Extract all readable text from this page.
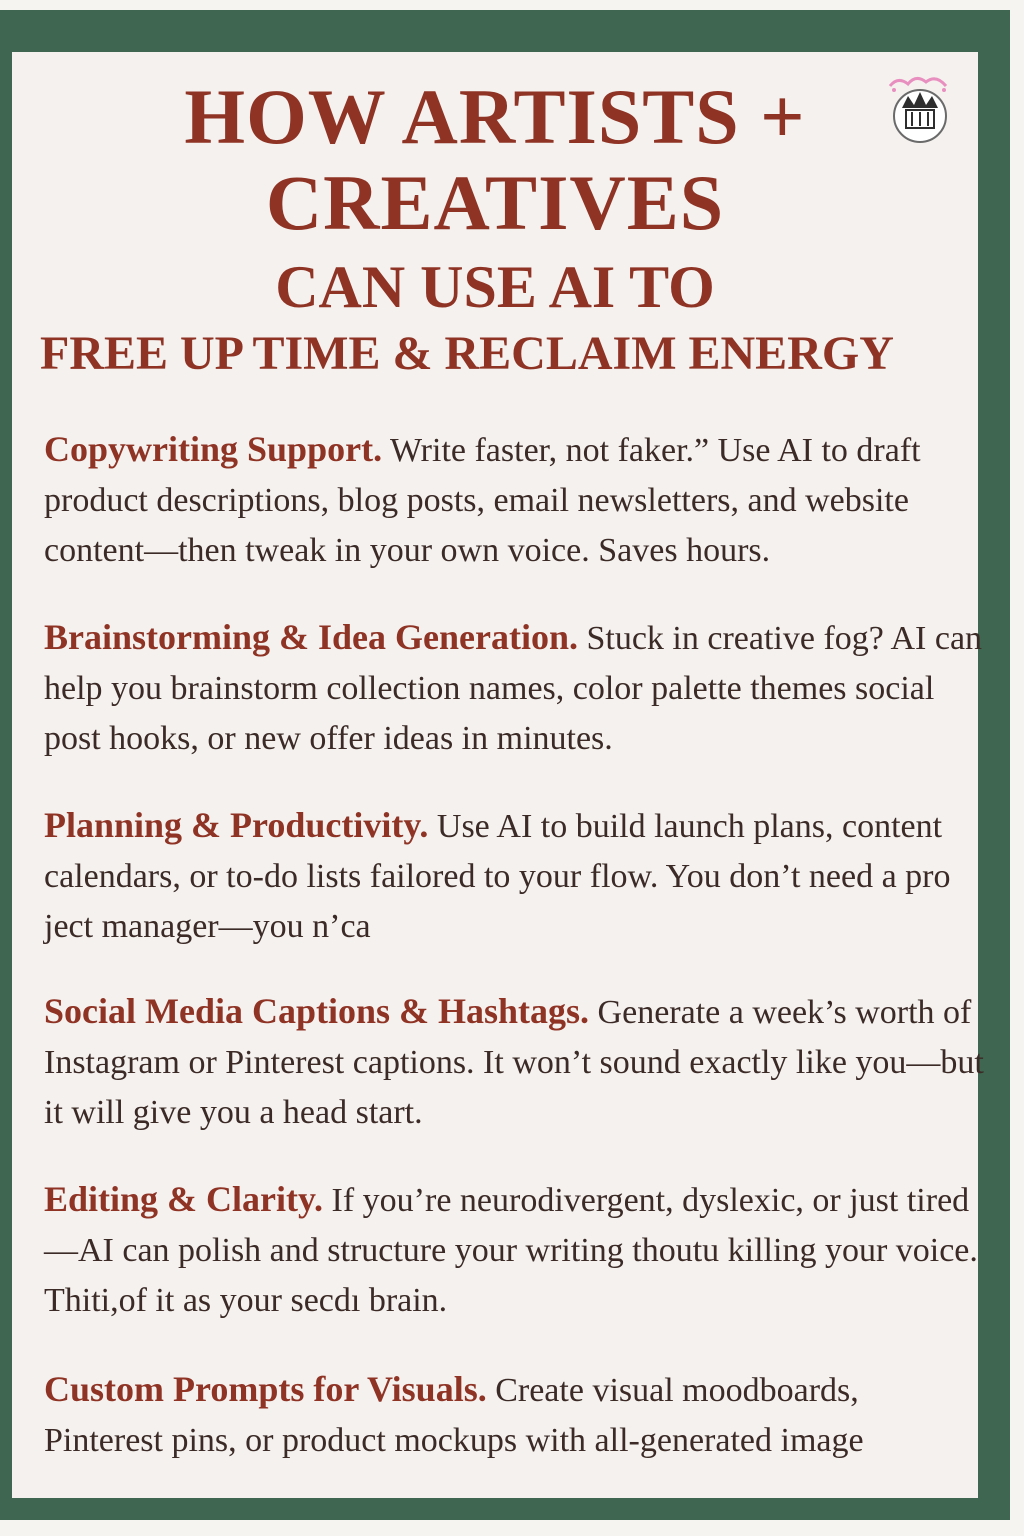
HOW ARTISTS +
CREATIVES
CAN USE AI TO
FREE UP TIME & RECLAIM ENERGY
Copywriting Support. Write faster, not faker.” Use AI to draft product descriptions, blog posts, email newsletters, and website content—then tweak in your own voice. Saves hours.
Brainstorming & Idea Generation. Stuck in creative fog? AI can help you brainstorm collection names, color palette themes social post hooks, or new offer ideas in minutes.
Planning & Productivity. Use AI to build launch plans, content calendars, or to-do lists failored to your flow. You don’t need a pro ject manager—you n’ca
Social Media Captions & Hashtags. Generate a week’s worth of Instagram or Pinterest captions. It won’t sound exactly like you—but it will give you a head start.
Editing & Clarity. If you’re neurodivergent, dyslexic, or just tired—AI can polish and structure your writing thoutu killing your voice. Thiti,of it as your secdı brain.
Custom Prompts for Visuals. Create visual moodboards, Pinterest pins, or product mockups with all-generated image
